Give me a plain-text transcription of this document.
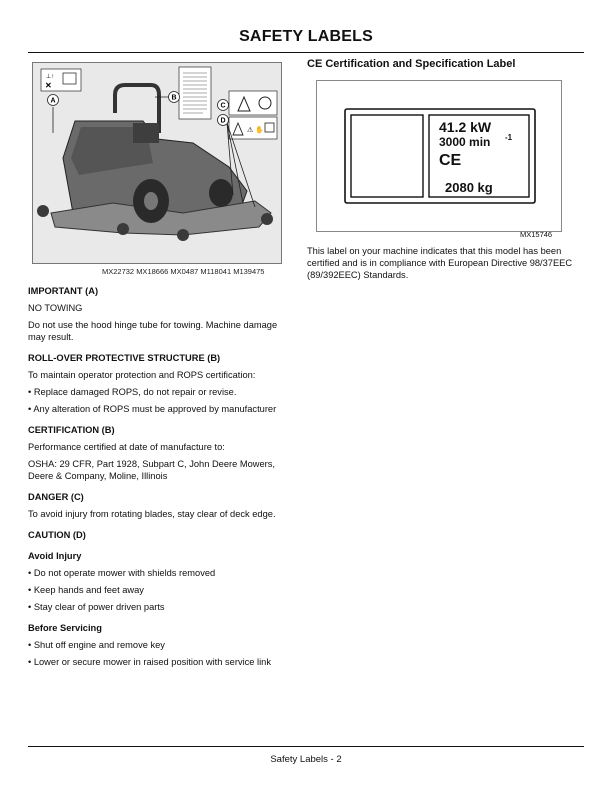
SAFETY LABELS
⊥↑
✕
⚠ ✋
A	B
C
D
MX22732 MX18666 MX0487 M118041 M139475

IMPORTANT (A)

NO TOWING

Do not use the hood hinge tube for towing. Machine damage may result.

ROLL-OVER PROTECTIVE STRUCTURE (B)

To maintain operator protection and ROPS certification:

• Replace damaged ROPS, do not repair or revise.

• Any alteration of ROPS must be approved by manufacturer

CERTIFICATION (B)

Performance certified at date of manufacture to:

OSHA: 29 CFR, Part 1928, Subpart C, John Deere Mowers, Deere & Company, Moline, Illinois

DANGER (C)

To avoid injury from rotating blades, stay clear of deck edge.

CAUTION (D)

Avoid Injury

• Do not operate mower with shields removed

• Keep hands and feet away

• Stay clear of power driven parts

Before Servicing

• Shut off engine and remove key

• Lower or secure mower in raised position with service link

CE Certification and Specification Label

41.2 kW
3000 min -1
CE
2080 kg
MX15746

This label on your machine indicates that this model has been certified and is in compliance with European Directive 98/37EEC (89/392EEC) Standards.

Safety Labels - 2
